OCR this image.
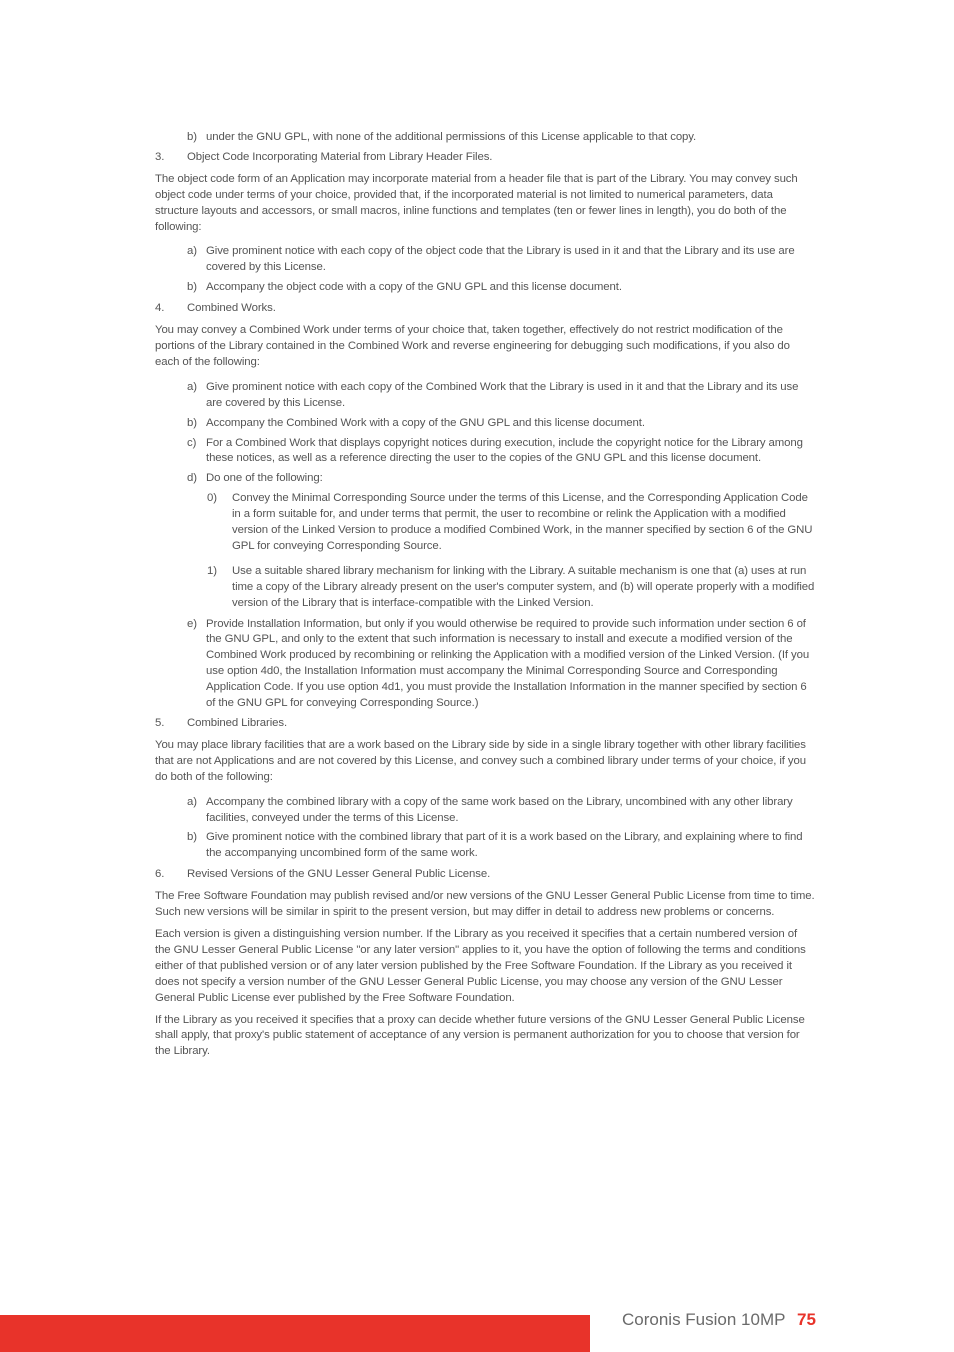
b) under the GNU GPL, with none of the additional permissions of this License applicable to that copy.
3. Object Code Incorporating Material from Library Header Files.
The object code form of an Application may incorporate material from a header file that is part of the Library. You may convey such object code under terms of your choice, provided that, if the incorporated material is not limited to numerical parameters, data structure layouts and accessors, or small macros, inline functions and templates (ten or fewer lines in length), you do both of the following:
a) Give prominent notice with each copy of the object code that the Library is used in it and that the Library and its use are covered by this License.
b) Accompany the object code with a copy of the GNU GPL and this license document.
4. Combined Works.
You may convey a Combined Work under terms of your choice that, taken together, effectively do not restrict modification of the portions of the Library contained in the Combined Work and reverse engineering for debugging such modifications, if you also do each of the following:
a) Give prominent notice with each copy of the Combined Work that the Library is used in it and that the Library and its use are covered by this License.
b) Accompany the Combined Work with a copy of the GNU GPL and this license document.
c) For a Combined Work that displays copyright notices during execution, include the copyright notice for the Library among these notices, as well as a reference directing the user to the copies of the GNU GPL and this license document.
d) Do one of the following:
0) Convey the Minimal Corresponding Source under the terms of this License, and the Corresponding Application Code in a form suitable for, and under terms that permit, the user to recombine or relink the Application with a modified version of the Linked Version to produce a modified Combined Work, in the manner specified by section 6 of the GNU GPL for conveying Corresponding Source.
1) Use a suitable shared library mechanism for linking with the Library. A suitable mechanism is one that (a) uses at run time a copy of the Library already present on the user's computer system, and (b) will operate properly with a modified version of the Library that is interface-compatible with the Linked Version.
e) Provide Installation Information, but only if you would otherwise be required to provide such information under section 6 of the GNU GPL, and only to the extent that such information is necessary to install and execute a modified version of the Combined Work produced by recombining or relinking the Application with a modified version of the Linked Version. (If you use option 4d0, the Installation Information must accompany the Minimal Corresponding Source and Corresponding Application Code. If you use option 4d1, you must provide the Installation Information in the manner specified by section 6 of the GNU GPL for conveying Corresponding Source.)
5. Combined Libraries.
You may place library facilities that are a work based on the Library side by side in a single library together with other library facilities that are not Applications and are not covered by this License, and convey such a combined library under terms of your choice, if you do both of the following:
a) Accompany the combined library with a copy of the same work based on the Library, uncombined with any other library facilities, conveyed under the terms of this License.
b) Give prominent notice with the combined library that part of it is a work based on the Library, and explaining where to find the accompanying uncombined form of the same work.
6. Revised Versions of the GNU Lesser General Public License.
The Free Software Foundation may publish revised and/or new versions of the GNU Lesser General Public License from time to time. Such new versions will be similar in spirit to the present version, but may differ in detail to address new problems or concerns.
Each version is given a distinguishing version number. If the Library as you received it specifies that a certain numbered version of the GNU Lesser General Public License "or any later version" applies to it, you have the option of following the terms and conditions either of that published version or of any later version published by the Free Software Foundation. If the Library as you received it does not specify a version number of the GNU Lesser General Public License, you may choose any version of the GNU Lesser General Public License ever published by the Free Software Foundation.
If the Library as you received it specifies that a proxy can decide whether future versions of the GNU Lesser General Public License shall apply, that proxy's public statement of acceptance of any version is permanent authorization for you to choose that version for the Library.
Coronis Fusion 10MP 75
